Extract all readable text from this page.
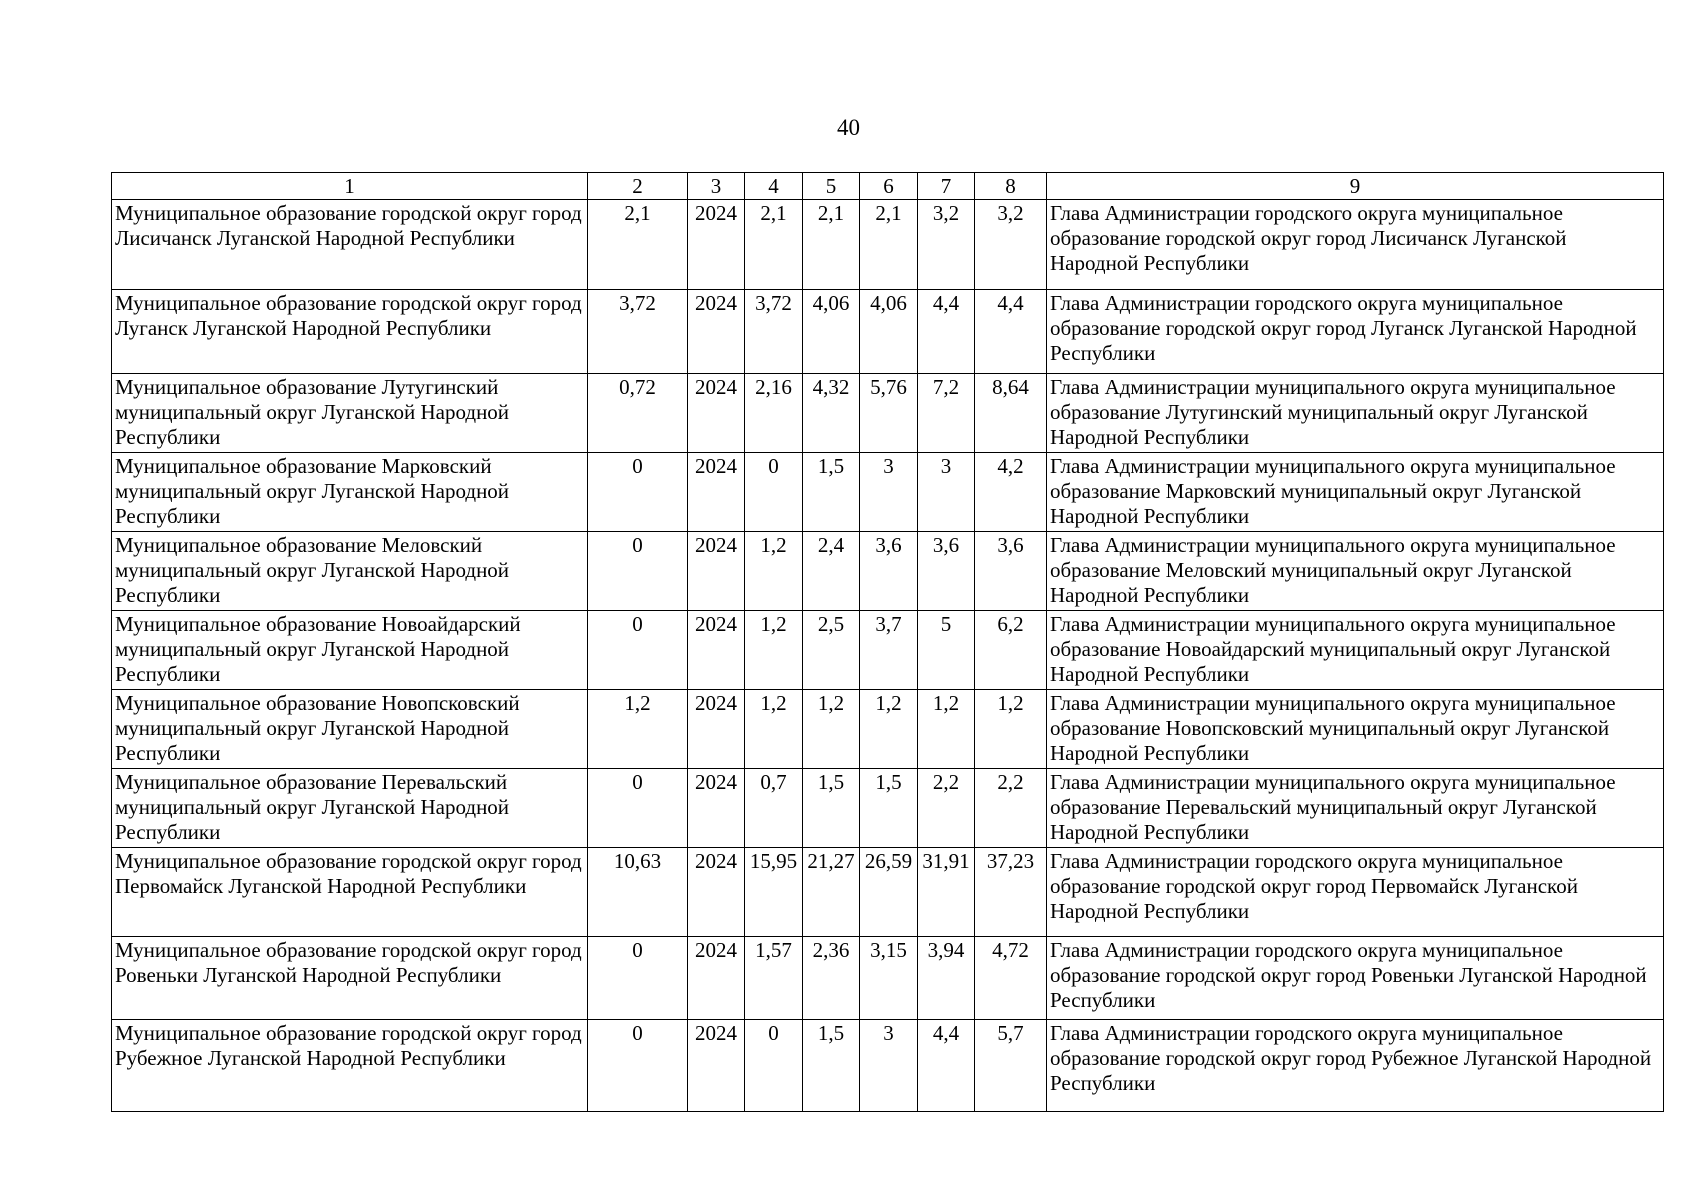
40
1	2	3	4	5	6	7	8	9
Муниципальное образование городской округ город Лисичанск Луганской Народной Республики	2,1	2024	2,1	2,1	2,1	3,2	3,2	Глава Администрации городского округа муниципальное образование городской округ город Лисичанск Луганской Народной Республики
Муниципальное образование городской округ город Луганск Луганской Народной Республики	3,72	2024	3,72	4,06	4,06	4,4	4,4	Глава Администрации городского округа муниципальное образование городской округ город Луганск Луганской Народной Республики
Муниципальное образование Лутугинский муниципальный округ Луганской Народной Республики	0,72	2024	2,16	4,32	5,76	7,2	8,64	Глава Администрации муниципального округа муниципальное образование Лутугинский муниципальный округ Луганской Народной Республики
Муниципальное образование Марковский муниципальный округ Луганской Народной Республики	0	2024	0	1,5	3	3	4,2	Глава Администрации муниципального округа муниципальное образование Марковский муниципальный округ Луганской Народной Республики
Муниципальное образование Меловский муниципальный округ Луганской Народной Республики	0	2024	1,2	2,4	3,6	3,6	3,6	Глава Администрации муниципального округа муниципальное образование Меловский муниципальный округ Луганской Народной Республики
Муниципальное образование Новоайдарский муниципальный округ Луганской Народной Республики	0	2024	1,2	2,5	3,7	5	6,2	Глава Администрации муниципального округа муниципальное образование Новоайдарский муниципальный округ Луганской Народной Республики
Муниципальное образование Новопсковский муниципальный округ Луганской Народной Республики	1,2	2024	1,2	1,2	1,2	1,2	1,2	Глава Администрации муниципального округа муниципальное образование Новопсковский муниципальный округ Луганской Народной Республики
Муниципальное образование Перевальский муниципальный округ Луганской Народной Республики	0	2024	0,7	1,5	1,5	2,2	2,2	Глава Администрации муниципального округа муниципальное образование Перевальский муниципальный округ Луганской Народной Республики
Муниципальное образование городской округ город Первомайск Луганской Народной Республики	10,63	2024	15,95	21,27	26,59	31,91	37,23	Глава Администрации городского округа муниципальное образование городской округ город Первомайск Луганской Народной Республики
Муниципальное образование городской округ город Ровеньки Луганской Народной Республики	0	2024	1,57	2,36	3,15	3,94	4,72	Глава Администрации городского округа муниципальное образование городской округ город Ровеньки Луганской Народной Республики
Муниципальное образование городской округ город Рубежное Луганской Народной Республики	0	2024	0	1,5	3	4,4	5,7	Глава Администрации городского округа муниципальное образование городской округ город Рубежное Луганской Народной Республики
